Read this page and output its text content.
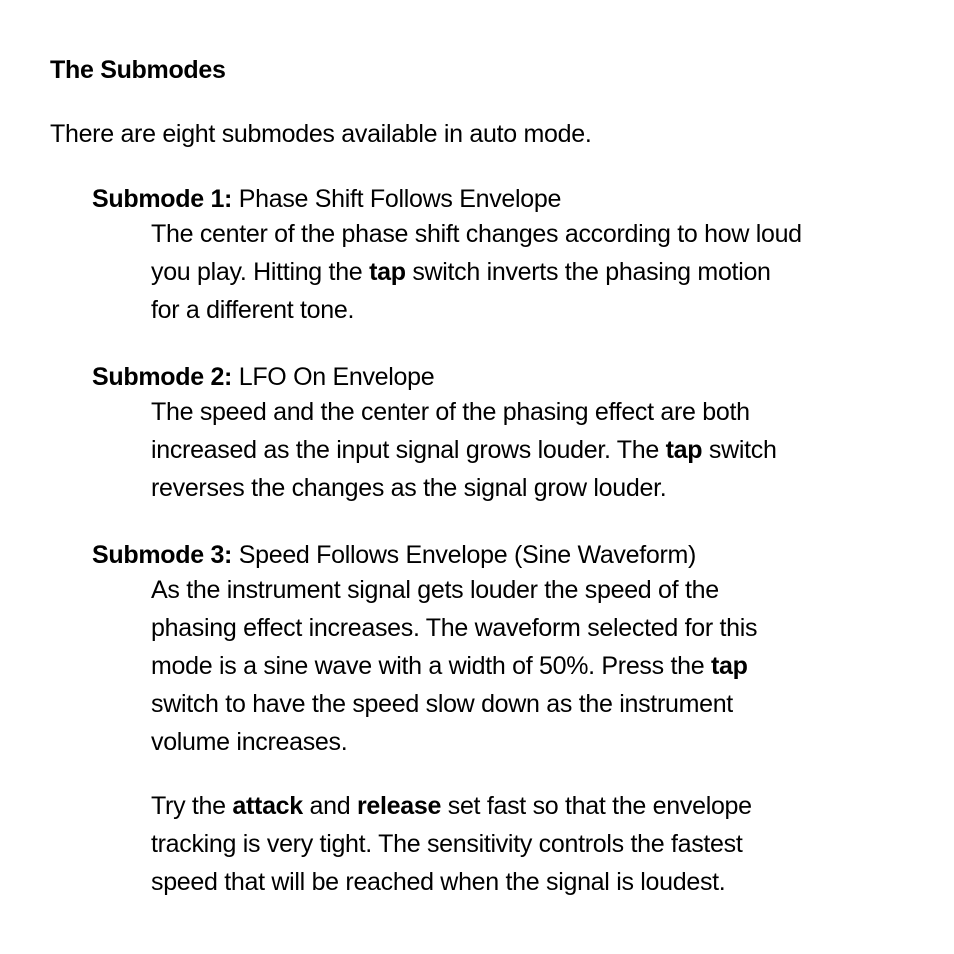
The Submodes
There are eight submodes available in auto mode.
Submode 1: Phase Shift Follows Envelope
The center of the phase shift changes according to how loud
you play. Hitting the tap switch inverts the phasing motion
for a different tone.
Submode 2: LFO On Envelope
The speed and the center of the phasing effect are both
increased as the input signal grows louder. The tap switch
reverses the changes as the signal grow louder.
Submode 3: Speed Follows Envelope (Sine Waveform)
As the instrument signal gets louder the speed of the
phasing effect increases. The waveform selected for this
mode is a sine wave with a width of 50%. Press the tap
switch to have the speed slow down as the instrument
volume increases.
Try the attack and release set fast so that the envelope
tracking is very tight. The sensitivity controls the fastest
speed that will be reached when the signal is loudest.
